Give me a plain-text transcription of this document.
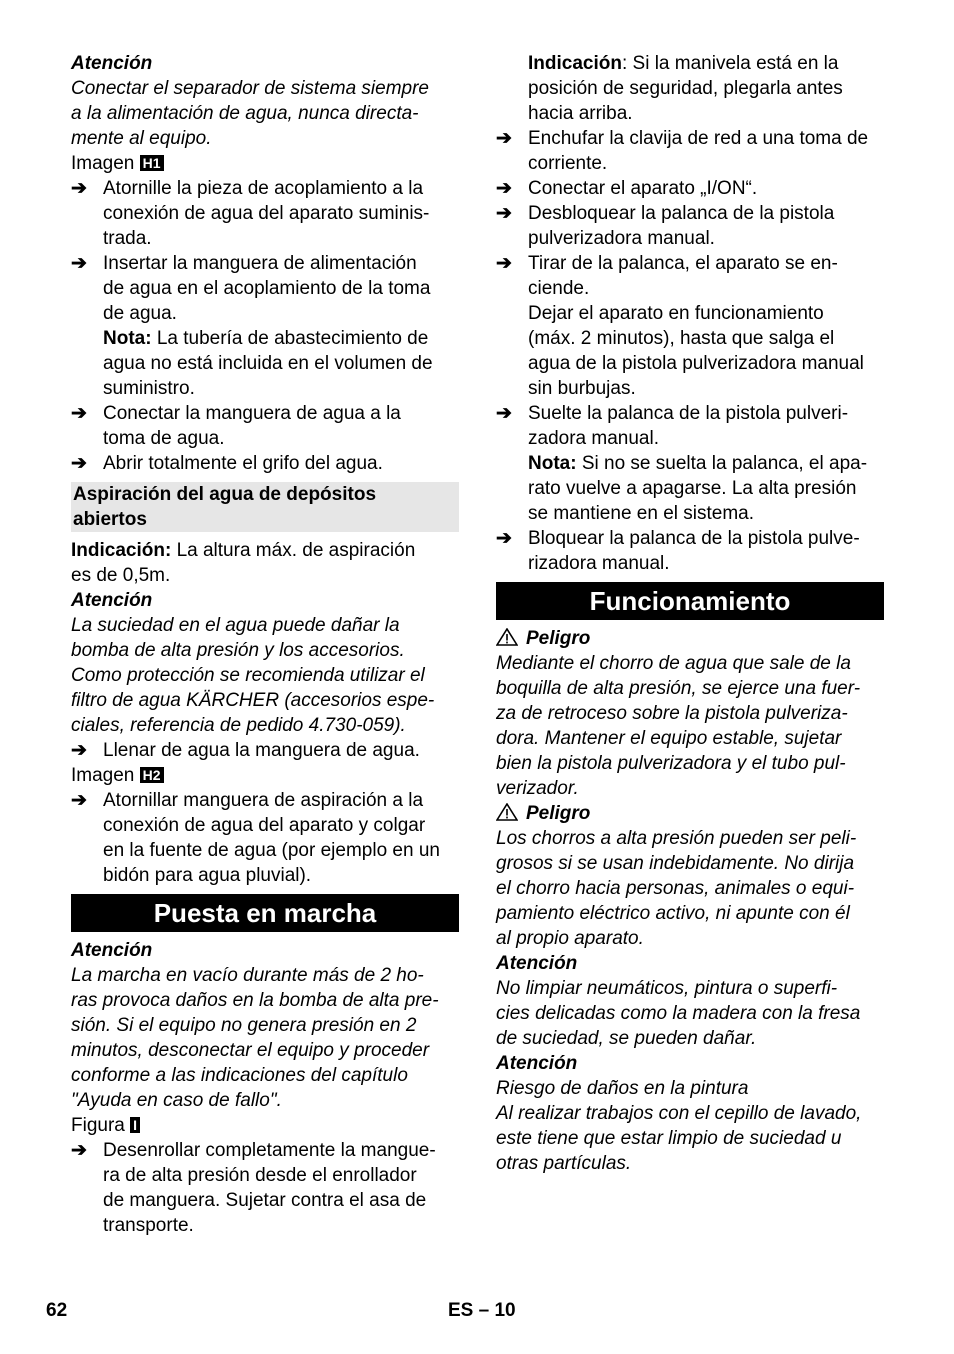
Atención

Conectar el separador de sistema siempre

a la alimentación de agua, nunca directa-

mente al equipo.

Imagen H1

➔ Atornille la pieza de acoplamiento a la

conexión de agua del aparato suminis-

trada.

➔ Insertar la manguera de alimentación

de agua en el acoplamiento de la toma

de agua.

Nota: La tubería de abastecimiento de

agua no está incluida en el volumen de

suministro.

➔ Conectar la manguera de agua a la

toma de agua.

➔ Abrir totalmente el grifo del agua.

Aspiración del agua de depósitos

abiertos

Indicación: La altura máx. de aspiración

es de 0,5m.

Atención

La suciedad en el agua puede dañar la

bomba de alta presión y los accesorios.

Como protección se recomienda utilizar el

filtro de agua KÄRCHER (accesorios espe-

ciales, referencia de pedido 4.730-059).

➔ Llenar de agua la manguera de agua.

Imagen H2

➔ Atornillar manguera de aspiración a la

conexión de agua del aparato y colgar

en la fuente de agua (por ejemplo en un

bidón para agua pluvial).

Puesta en marcha

Atención

La marcha en vacío durante más de 2 ho-

ras provoca daños en la bomba de alta pre-

sión. Si el equipo no genera presión en 2

minutos, desconectar el equipo y proceder

conforme a las indicaciones del capítulo

"Ayuda en caso de fallo".

Figura I

➔ Desenrollar completamente la mangue-

ra de alta presión desde el enrollador

de manguera. Sujetar contra el asa de

transporte.

Indicación: Si la manivela está en la

posición de seguridad, plegarla antes

hacia arriba.

➔ Enchufar la clavija de red a una toma de

corriente.

➔ Conectar el aparato „I/ON“.

➔ Desbloquear la palanca de la pistola

pulverizadora manual.

➔ Tirar de la palanca, el aparato se en-

ciende.

Dejar el aparato en funcionamiento

(máx. 2 minutos), hasta que salga el

agua de la pistola pulverizadora manual

sin burbujas.

➔ Suelte la palanca de la pistola pulveri-

zadora manual.

Nota: Si no se suelta la palanca, el apa-

rato vuelve a apagarse. La alta presión

se mantiene en el sistema.

➔ Bloquear la palanca de la pistola pulve-

rizadora manual.

Funcionamiento

Peligro

Mediante el chorro de agua que sale de la

boquilla de alta presión, se ejerce una fuer-

za de retroceso sobre la pistola pulveriza-

dora. Mantener el equipo estable, sujetar

bien la pistola pulverizadora y el tubo pul-

verizador.

Peligro

Los chorros a alta presión pueden ser peli-

grosos si se usan indebidamente. No dirija

el chorro hacia personas, animales o equi-

pamiento eléctrico activo, ni apunte con él

al propio aparato.

Atención

No limpiar neumáticos, pintura o superfi-

cies delicadas como la madera con la fresa

de suciedad, se pueden dañar.

Atención

Riesgo de daños en la pintura

Al realizar trabajos con el cepillo de lavado,

este tiene que estar limpio de suciedad u

otras partículas.

62	ES – 10
